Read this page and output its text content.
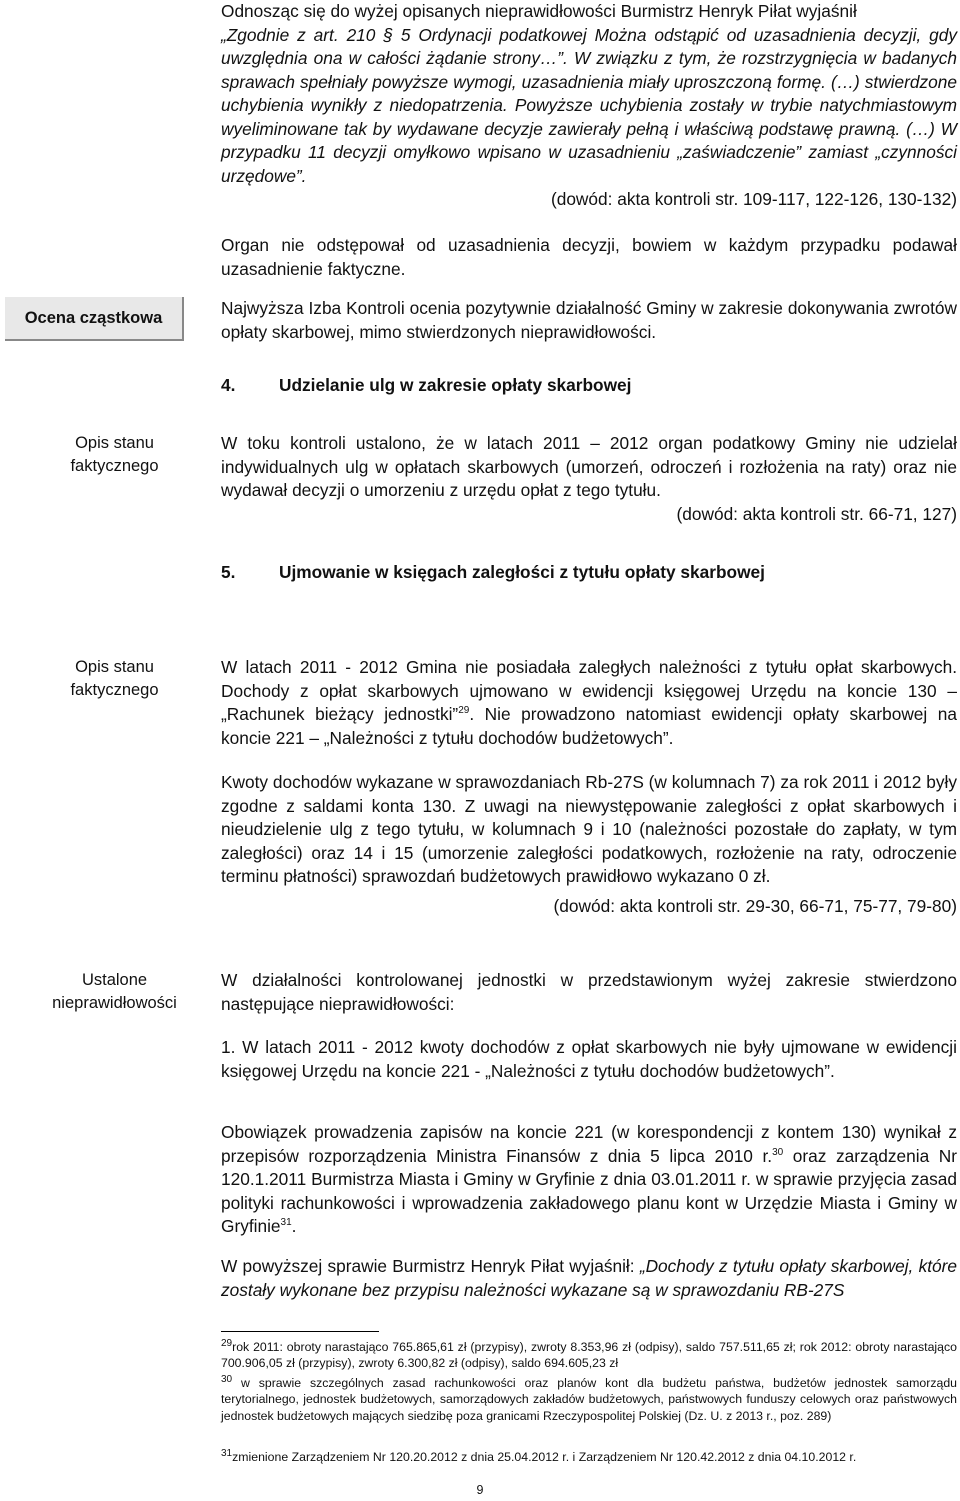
Odnosząc się do wyżej opisanych nieprawidłowości Burmistrz Henryk Piłat wyjaśnił
„Zgodnie z art. 210 § 5 Ordynacji podatkowej Można odstąpić od uzasadnienia decyzji, gdy uwzględnia ona w całości żądanie strony…”. W związku z tym, że rozstrzygnięcia w badanych sprawach spełniały powyższe wymogi, uzasadnienia miały uproszczoną formę. (…) stwierdzone uchybienia wynikły z niedopatrzenia. Powyższe uchybienia zostały w trybie natychmiastowym wyeliminowane tak by wydawane decyzje zawierały pełną i właściwą podstawę prawną. (…) W przypadku 11 decyzji omyłkowo wpisano w uzasadnieniu „zaświadczenie” zamiast „czynności urzędowe”.
(dowód: akta kontroli str. 109-117, 122-126, 130-132)
Organ nie odstępował od uzasadnienia decyzji, bowiem w każdym przypadku podawał uzasadnienie faktyczne.
Ocena cząstkowa	Najwyższa Izba Kontroli ocenia pozytywnie działalność Gminy w zakresie dokonywania zwrotów opłaty skarbowej, mimo stwierdzonych nieprawidłowości.
4.	Udzielanie ulg w zakresie opłaty skarbowej
Opis stanu faktycznego
W toku kontroli ustalono, że w latach 2011 – 2012 organ podatkowy Gminy nie udzielał indywidualnych ulg w opłatach skarbowych (umorzeń, odroczeń i rozłożenia na raty) oraz nie wydawał decyzji o umorzeniu z urzędu opłat z tego tytułu.
(dowód: akta kontroli str. 66-71, 127)
5.	Ujmowanie w księgach zaległości z tytułu opłaty skarbowej
Opis stanu faktycznego
W latach 2011 - 2012 Gmina nie posiadała zaległych należności z tytułu opłat skarbowych. Dochody z opłat skarbowych ujmowano w ewidencji księgowej Urzędu na koncie 130 – „Rachunek bieżący jednostki”$^{29}$. Nie prowadzono natomiast ewidencji opłaty skarbowej na koncie 221 – „Należności z tytułu dochodów budżetowych”.
Kwoty dochodów wykazane w sprawozdaniach Rb-27S (w kolumnach 7) za rok 2011 i 2012 były zgodne z saldami konta 130. Z uwagi na niewystępowanie zaległości z opłat skarbowych i nieudzielenie ulg z tego tytułu, w kolumnach 9 i 10 (należności pozostałe do zapłaty, w tym zaległości) oraz 14 i 15 (umorzenie zaległości podatkowych, rozłożenie na raty, odroczenie terminu płatności) sprawozdań budżetowych prawidłowo wykazano 0 zł.
(dowód: akta kontroli str. 29-30, 66-71, 75-77, 79-80)
Ustalone nieprawidłowości
W działalności kontrolowanej jednostki w przedstawionym wyżej zakresie stwierdzono następujące nieprawidłowości:
1. W latach 2011 - 2012 kwoty dochodów z opłat skarbowych nie były ujmowane w ewidencji księgowej Urzędu na koncie 221 - „Należności z tytułu dochodów budżetowych”.
Obowiązek prowadzenia zapisów na koncie 221 (w korespondencji z kontem 130) wynikał z przepisów rozporządzenia Ministra Finansów z dnia 5 lipca 2010 r.$^{30}$ oraz zarządzenia Nr 120.1.2011 Burmistrza Miasta i Gminy w Gryfinie z dnia 03.01.2011 r. w sprawie przyjęcia zasad polityki rachunkowości i wprowadzenia zakładowego planu kont w Urzędzie Miasta i Gminy w Gryfinie$^{31}$.
W powyższej sprawie Burmistrz Henryk Piłat wyjaśnił: „Dochody z tytułu opłaty skarbowej, które zostały wykonane bez przypisu należności wykazane są w sprawozdaniu RB-27S
$^{29}$rok 2011: obroty narastająco 765.865,61 zł (przypisy), zwroty 8.353,96 zł (odpisy), saldo 757.511,65 zł; rok 2012: obroty narastająco 700.906,05 zł (przypisy), zwroty 6.300,82 zł (odpisy), saldo 694.605,23 zł
$^{30}$ w sprawie szczególnych zasad rachunkowości oraz planów kont dla budżetu państwa, budżetów jednostek samorządu terytorialnego, jednostek budżetowych, samorządowych zakładów budżetowych, państwowych funduszy celowych oraz państwowych jednostek budżetowych mających siedzibę poza granicami Rzeczypospolitej Polskiej (Dz. U. z 2013 r., poz. 289)
$^{31}$zmienione Zarządzeniem Nr 120.20.2012 z dnia 25.04.2012 r. i Zarządzeniem Nr 120.42.2012 z dnia 04.10.2012 r.
9
